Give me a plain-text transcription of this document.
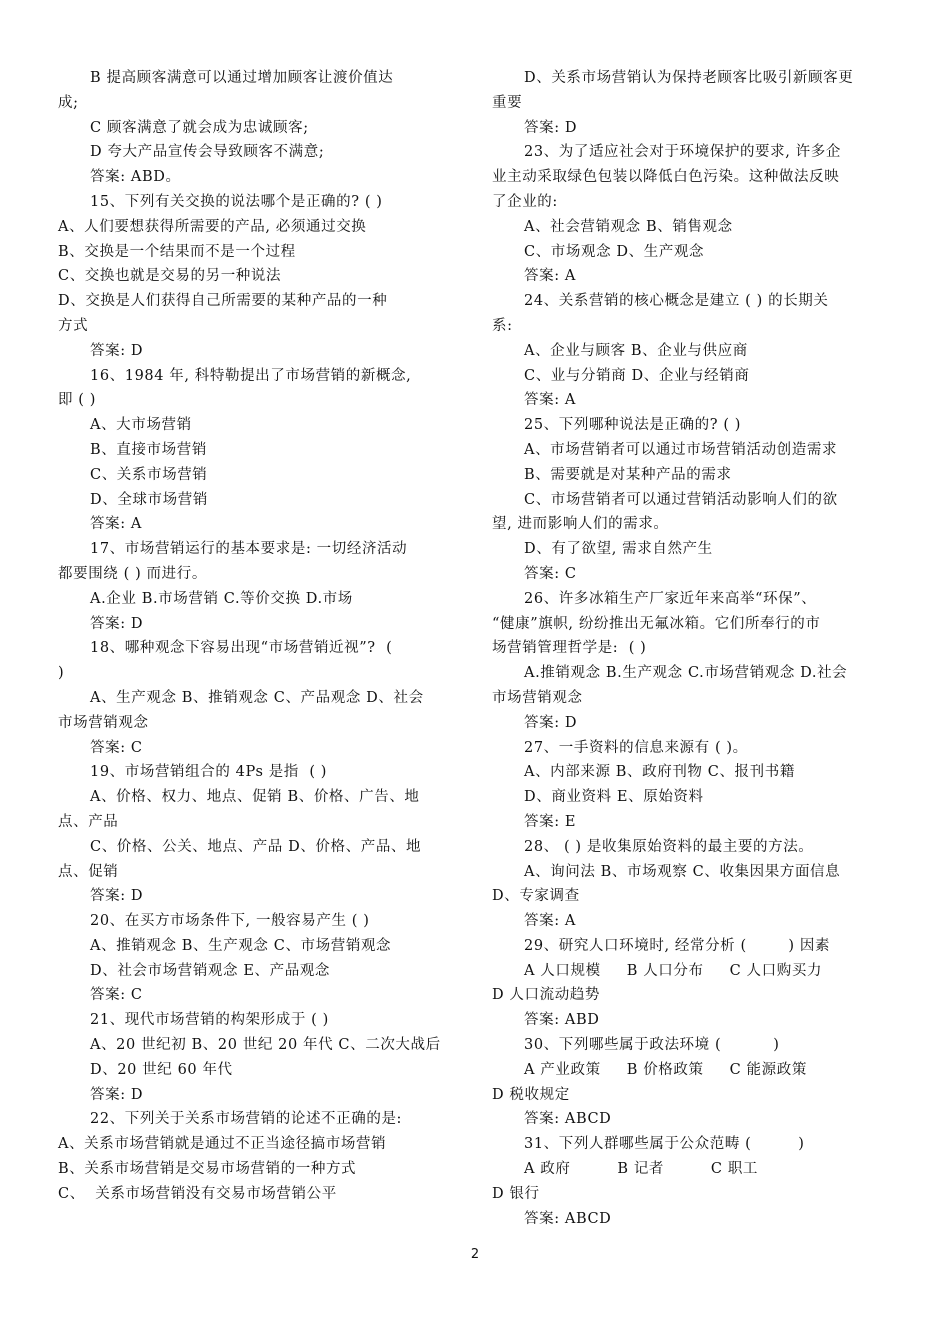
B 提高顾客满意可以通过增加顾客让渡价值达
成;
C 顾客满意了就会成为忠诚顾客;
D 夸大产品宣传会导致顾客不满意;
答案: ABD。
15、下列有关交换的说法哪个是正确的? ( )
A、人们要想获得所需要的产品, 必须通过交换
B、交换是一个结果而不是一个过程
C、交换也就是交易的另一种说法
D、交换是人们获得自己所需要的某种产品的一种
方式
答案: D
16、1984 年, 科特勒提出了市场营销的新概念,
即 ( )
A、大市场营销
B、直接市场营销
C、关系市场营销
D、全球市场营销
答案: A
17、市场营销运行的基本要求是: 一切经济活动
都要围绕 ( ) 而进行。
A.企业 B.市场营销 C.等价交换 D.市场
答案: D
18、哪种观念下容易出现“市场营销近视”?  (
)
A、生产观念 B、推销观念 C、产品观念 D、社会
市场营销观念
答案: C
19、市场营销组合的 4Ps 是指  ( )
A、价格、权力、地点、促销 B、价格、广告、地
点、产品
C、价格、公关、地点、产品 D、价格、产品、地
点、促销
答案: D
20、在买方市场条件下, 一般容易产生 ( )
A、推销观念 B、生产观念 C、市场营销观念
D、社会市场营销观念 E、产品观念
答案: C
21、现代市场营销的构架形成于 ( )
A、20 世纪初 B、20 世纪 20 年代 C、二次大战后
D、20 世纪 60 年代
答案: D
22、下列关于关系市场营销的论述不正确的是:
A、关系市场营销就是通过不正当途径搞市场营销
B、关系市场营销是交易市场营销的一种方式
C、  关系市场营销没有交易市场营销公平
D、关系市场营销认为保持老顾客比吸引新顾客更
重要
答案: D
23、为了适应社会对于环境保护的要求, 许多企
业主动采取绿色包装以降低白色污染。这种做法反映
了企业的:
A、社会营销观念 B、销售观念
C、市场观念 D、生产观念
答案: A
24、关系营销的核心概念是建立 ( ) 的长期关
系:
A、企业与顾客 B、企业与供应商
C、业与分销商 D、企业与经销商
答案: A
25、下列哪种说法是正确的? ( )
A、市场营销者可以通过市场营销活动创造需求
B、需要就是对某种产品的需求
C、市场营销者可以通过营销活动影响人们的欲
望, 进而影响人们的需求。
D、有了欲望, 需求自然产生
答案: C
26、许多冰箱生产厂家近年来高举“环保”、
“健康”旗帜, 纷纷推出无氟冰箱。它们所奉行的市
场营销管理哲学是:  ( )
A.推销观念 B.生产观念 C.市场营销观念 D.社会
市场营销观念
答案: D
27、一手资料的信息来源有 ( )。
A、内部来源 B、政府刊物 C、报刊书籍
D、商业资料 E、原始资料
答案: E
28、 ( ) 是收集原始资料的最主要的方法。
A、询问法 B、市场观察 C、收集因果方面信息
D、专家调查
答案: A
29、研究人口环境时, 经常分析 (        ) 因素
A 人口规模     B 人口分布     C 人口购买力
D 人口流动趋势
答案: ABD
30、下列哪些属于政法环境 (          )
A 产业政策     B 价格政策     C 能源政策
D 税收规定
答案: ABCD
31、下列人群哪些属于公众范畴 (         )
A 政府         B 记者         C 职工
D 银行
答案: ABCD
2
